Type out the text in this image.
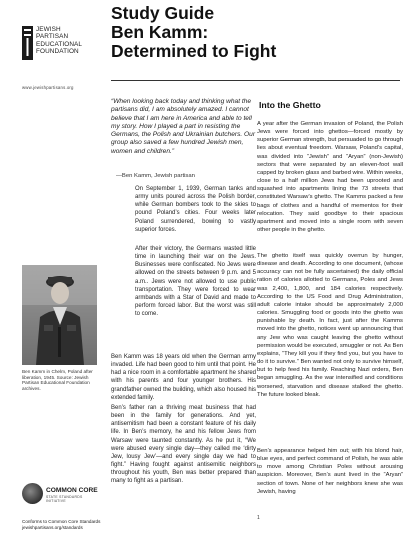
JEWISH
PARTISAN
EDUCATIONAL
FOUNDATION
www.jewishpartisans.org
Study Guide
Ben Kamm:
Determined to Fight
“When looking back today and thinking what the partisans did, I am absolutely amazed. I cannot believe that I am here in America and able to tell my story. How I played a part in resisting the Germans, the Polish and Ukrainian butchers. Our group also saved a few hundred Jewish men, women and children.”
—Ben Kamm, Jewish partisan
Ben Kamm in Chelm, Poland after liberation, 1945. Source: Jewish Partisan Educational Foundation archives.
COMMON CORE
STATE STANDARDS INITIATIVE
Conforms to Common Core Standards
jewishpartisans.org/standards
On September 1, 1939, German tanks and army units poured across the Polish border, while German bombers took to the skies to pound Poland’s cities. Four weeks later Poland surrendered, bowing to vastly superior forces.
After their victory, the Germans wasted little time in launching their war on the Jews. Businesses were confiscated. No Jews were allowed on the streets between 9 p.m. and 5 a.m.. Jews were not allowed to use public transportation. They were forced to wear armbands with a Star of David and made to perform forced labor. But the worst was still to come.
Ben Kamm was 18 years old when the German army invaded. Life had been good to him until that point. He had a nice room in a comfortable apartment he shared with his parents and four younger brothers. His grandfather owned the building, which also housed his extended family.
Ben’s father ran a thriving meat business that had been in the family for generations. And yet, antisemitism had been a constant feature of his daily life. In Ben’s memory, he and his fellow Jews from Warsaw were taunted constantly. As he put it, “We were abused every single day—they called me ‘dirty Jew, lousy Jew’—and every single day we had to fight.” Having fought against antisemitic neighbors throughout his youth, Ben was better prepared than many to fight as a partisan.
Into the Ghetto
A year after the German invasion of Poland, the Polish Jews were forced into ghettos—forced mostly by superior German strength, but persuaded to go through lies about eventual freedom. Warsaw, Poland’s capital, was divided into “Jewish” and “Aryan” (non-Jewish) sectors that were separated by an eleven-foot wall capped by broken glass and barbed wire. Within weeks, close to a half million Jews had been uprooted and squashed into apartments lining the 73 streets that constituted Warsaw’s ghetto. The Kamms packed a few bags of clothes and a handful of mementos for their relocation. They said goodbye to their spacious apartment and moved into a single room with seven other people in the ghetto.
The ghetto itself was quickly overrun by hunger, disease and death. According to one document, (whose accuracy can not be fully ascertained) the daily official ration of calories allotted to Germans, Poles and Jews was 2,400, 1,800, and 184 calories respectively. According to the US Food and Drug Administration, adult calorie intake should be approximately 2,000 calories. Smuggling food or goods into the ghetto was punishable by death. In fact, just after the Kamms moved into the ghetto, notices went up announcing that any Jew who was caught leaving the ghetto without permission would be executed, smuggler or not. As Ben explains, “They kill you if they find you, but you have to do it to survive.” Ben wanted not only to survive himself, but to help feed his family. Reaching Nazi orders, Ben began smuggling. As the war intensified and conditions worsened, starvation and disease stalked the ghetto. The future looked bleak.
Ben’s appearance helped him out; with his blond hair, blue eyes, and perfect command of Polish, he was able to move among Christian Poles without arousing suspicion. Moreover, Ben’s aunt lived in the “Aryan” section of town. None of her neighbors knew she was Jewish, having
1
